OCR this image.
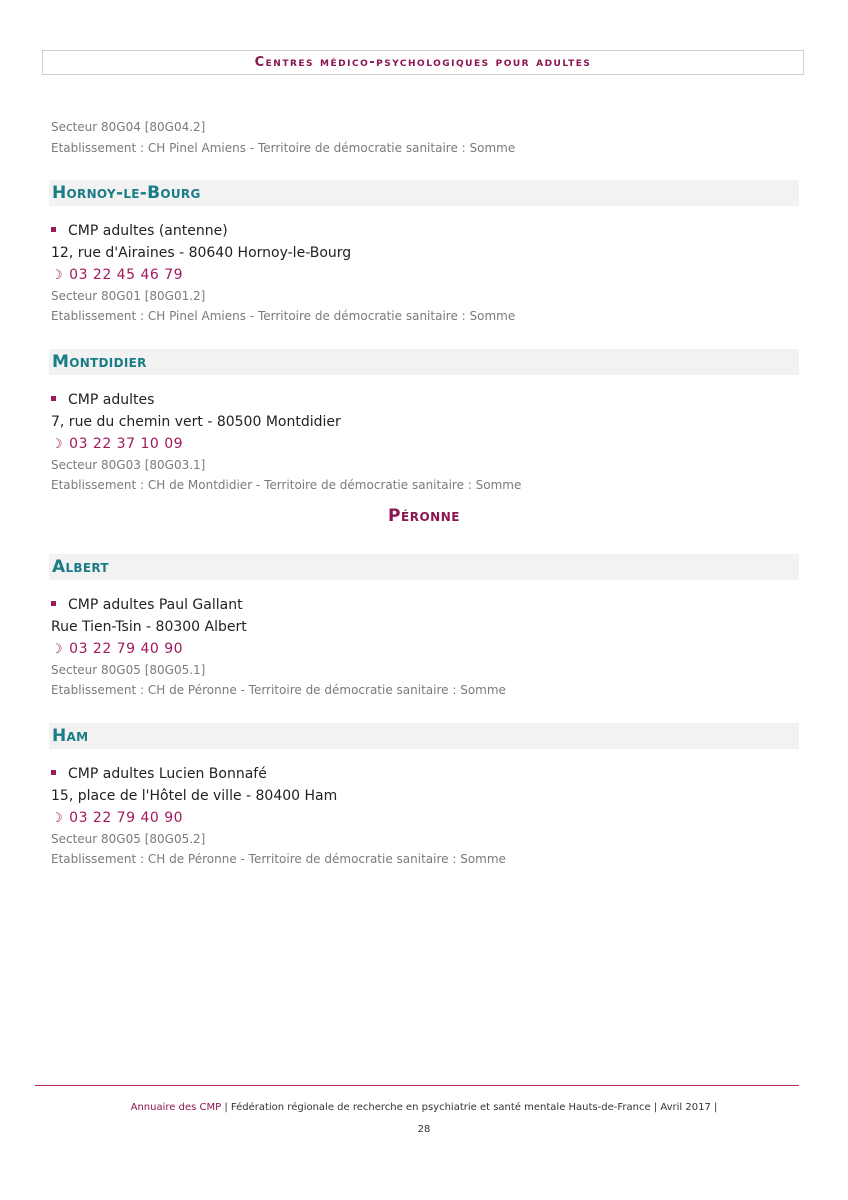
Centres médico-psychologiques pour adultes
Secteur 80G04 [80G04.2]
Etablissement : CH Pinel Amiens - Territoire de démocratie sanitaire : Somme
Hornoy-le-Bourg
CMP adultes (antenne)
12, rue d'Airaines - 80640 Hornoy-le-Bourg
☽ 03 22 45 46 79
Secteur 80G01 [80G01.2]
Etablissement : CH Pinel Amiens - Territoire de démocratie sanitaire : Somme
Montdidier
CMP adultes
7, rue du chemin vert - 80500 Montdidier
☽ 03 22 37 10 09
Secteur 80G03 [80G03.1]
Etablissement : CH de Montdidier - Territoire de démocratie sanitaire : Somme
Péronne
Albert
CMP adultes Paul Gallant
Rue Tien-Tsin - 80300 Albert
☽ 03 22 79 40 90
Secteur 80G05 [80G05.1]
Etablissement : CH de Péronne - Territoire de démocratie sanitaire : Somme
Ham
CMP adultes Lucien Bonnafé
15, place de l'Hôtel de ville - 80400 Ham
☽ 03 22 79 40 90
Secteur 80G05 [80G05.2]
Etablissement : CH de Péronne - Territoire de démocratie sanitaire : Somme
Annuaire des CMP | Fédération régionale de recherche en psychiatrie et santé mentale Hauts-de-France | Avril 2017 |
28
